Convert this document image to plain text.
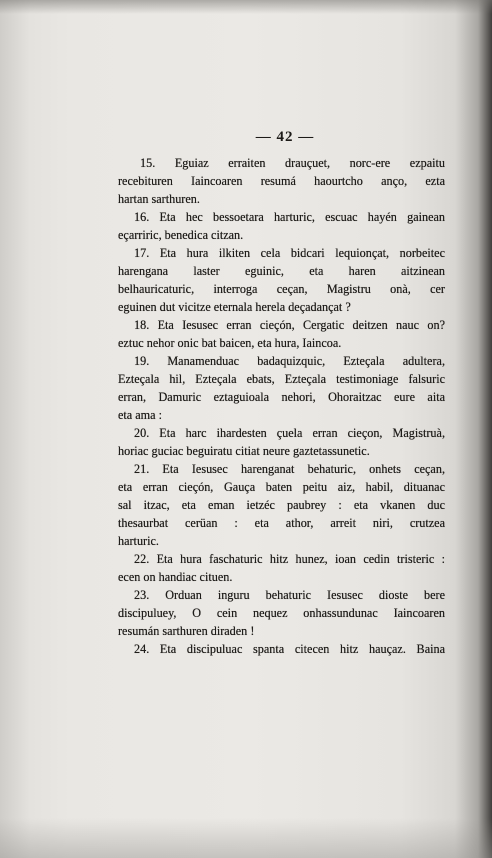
— 42 —
15. Eguiaz erraiten drauçuet, norc-ere ezpaitu
recebituren Iaincoaren resumá haourtcho anço, ezta
hartan sarthuren.
16. Eta hec bessoetara harturic, escuac hayén gainean
eçarriric, benedica citzan.
17. Eta hura ilkiten cela bidcari lequionçat, norbeitec
harengana laster eguinic, eta haren aitzinean
belhauricaturic, interroga ceçan, Magistru onà, cer
eguinen dut vicitze eternala herela deçadançat ?
18. Eta Iesusec erran cieçón, Cergatic deitzen nauc on?
eztuc nehor onic bat baicen, eta hura, Iaincoa.
19. Manamenduac badaquizquic, Ezteçala adultera,
Ezteçala hil, Ezteçala ebats, Ezteçala testimoniage falsuric
erran, Damuric eztaguioala nehori, Ohoraitzac eure aita
eta ama :
20. Eta harc ihardesten çuela erran cieçon, Magistruà,
horiac guciac beguiratu citiat neure gaztetassunetic.
21. Eta Iesusec harenganat behaturic, onhets ceçan,
eta erran cieçón, Gauça baten peitu aiz, habil, dituanac
sal itzac, eta eman ietzéc paubrey : eta vkanen duc
thesaurbat cerüan : eta athor, arreit niri, crutzea
harturic.
22. Eta hura faschaturic hitz hunez, ioan cedin tristeric :
ecen on handiac cituen.
23. Orduan inguru behaturic Iesusec dioste bere
discipuluey, O cein nequez onhassundunac Iaincoaren
resumán sarthuren diraden !
24. Eta discipuluac spanta citecen hitz hauçaz. Baina
